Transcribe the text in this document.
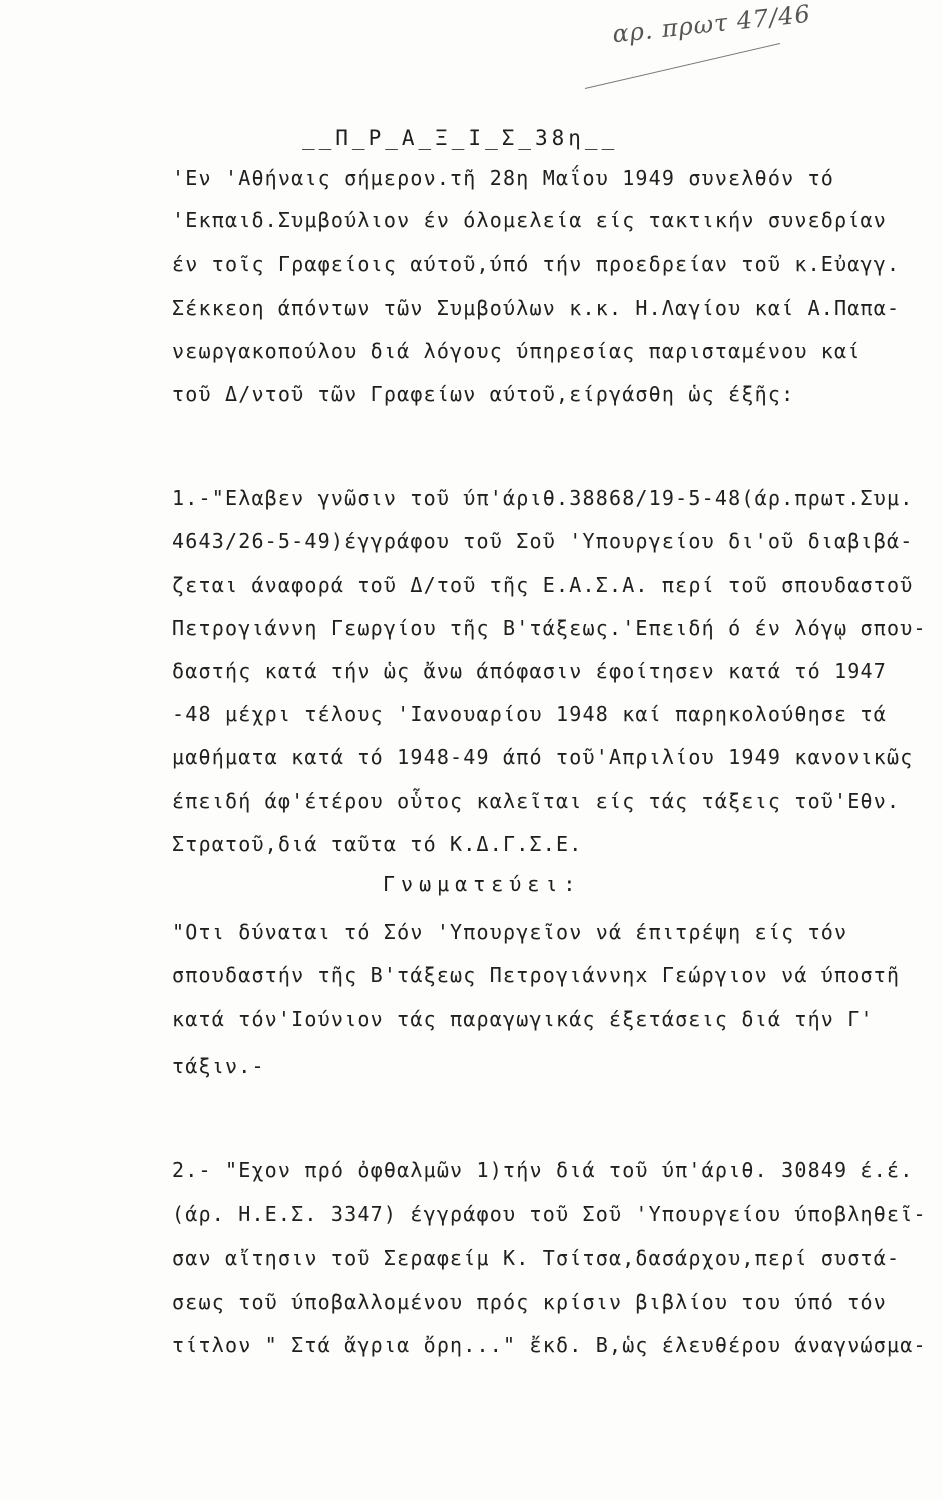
αρ. πρωτ 47/46
__Π_Ρ_Α_Ξ_Ι_Σ_38η__
'Εν 'Αθήναις σήμερον.τῆ 28η Μαΐου 1949 συνελθόν τό
'Εκπαιδ.Συμβούλιον έν όλομελεία είς τακτικήν συνεδρίαν
έν τοῖς Γραφείοις αύτοῦ,ύπό τήν προεδρείαν τοῦ κ.Εὐαγγ.
Σέκκεοη άπόντων τῶν Συμβούλων κ.κ. Η.Λαγίου καί Α.Παπα-
νεωργακοπούλου διά λόγους ύπηρεσίας παρισταμένου καί
τοῦ Δ/ντοῦ τῶν Γραφείων αύτοῦ,είργάσθη ὡς έξῆς:
1.-"Ελαβεν γνῶσιν τοῦ ύπ'άριθ.38868/19-5-48(άρ.πρωτ.Συμ.
4643/26-5-49)έγγράφου τοῦ Σοῦ 'Υπουργείου δι'οῦ διαβιβά-
ζεται άναφορά τοῦ Δ/τοῦ τῆς Ε.Α.Σ.Α. περί τοῦ σπουδαστοῦ
Πετρογιάννη Γεωργίου τῆς Β'τάξεως.'Επειδή ό έν λόγῳ σπου-
δαστής κατά τήν ὡς ἄνω άπόφασιν έφοίτησεν κατά τό 1947
-48 μέχρι τέλους 'Ιανουαρίου 1948 καί παρηκολούθησε τά
μαθήματα κατά τό 1948-49 άπό τοῦ'Απριλίου 1949 κανονικῶς
έπειδή άφ'έτέρου οὗτος καλεῖται είς τάς τάξεις τοῦ'Εθν.
Στρατοῦ,διά ταῦτα τό Κ.Δ.Γ.Σ.Ε.
Γνωματεύει:
"Οτι δύναται τό Σόν 'Υπουργεῖον νά έπιτρέψη είς τόν
σπουδαστήν τῆς Β'τάξεως Πετρογιάννηx Γεώργιον νά ύποστῆ
κατά τόν'Ιούνιον τάς παραγωγικάς έξετάσεις διά τήν Γ'
τάξιν.-
2.- "Εχον πρό ὀφθαλμῶν 1)τήν διά τοῦ ύπ'άριθ. 30849 έ.έ.
(άρ. Η.Ε.Σ. 3347) έγγράφου τοῦ Σοῦ 'Υπουργείου ύποβληθεῖ-
σαν αἴτησιν τοῦ Σεραφείμ Κ. Τσίτσα,δασάρχου,περί συστά-
σεως τοῦ ύποβαλλομένου πρός κρίσιν βιβλίου του ύπό τόν
τίτλον " Στά ἄγρια ὄρη..." ἔκδ. Β,ὡς έλευθέρου άναγνώσμα-
